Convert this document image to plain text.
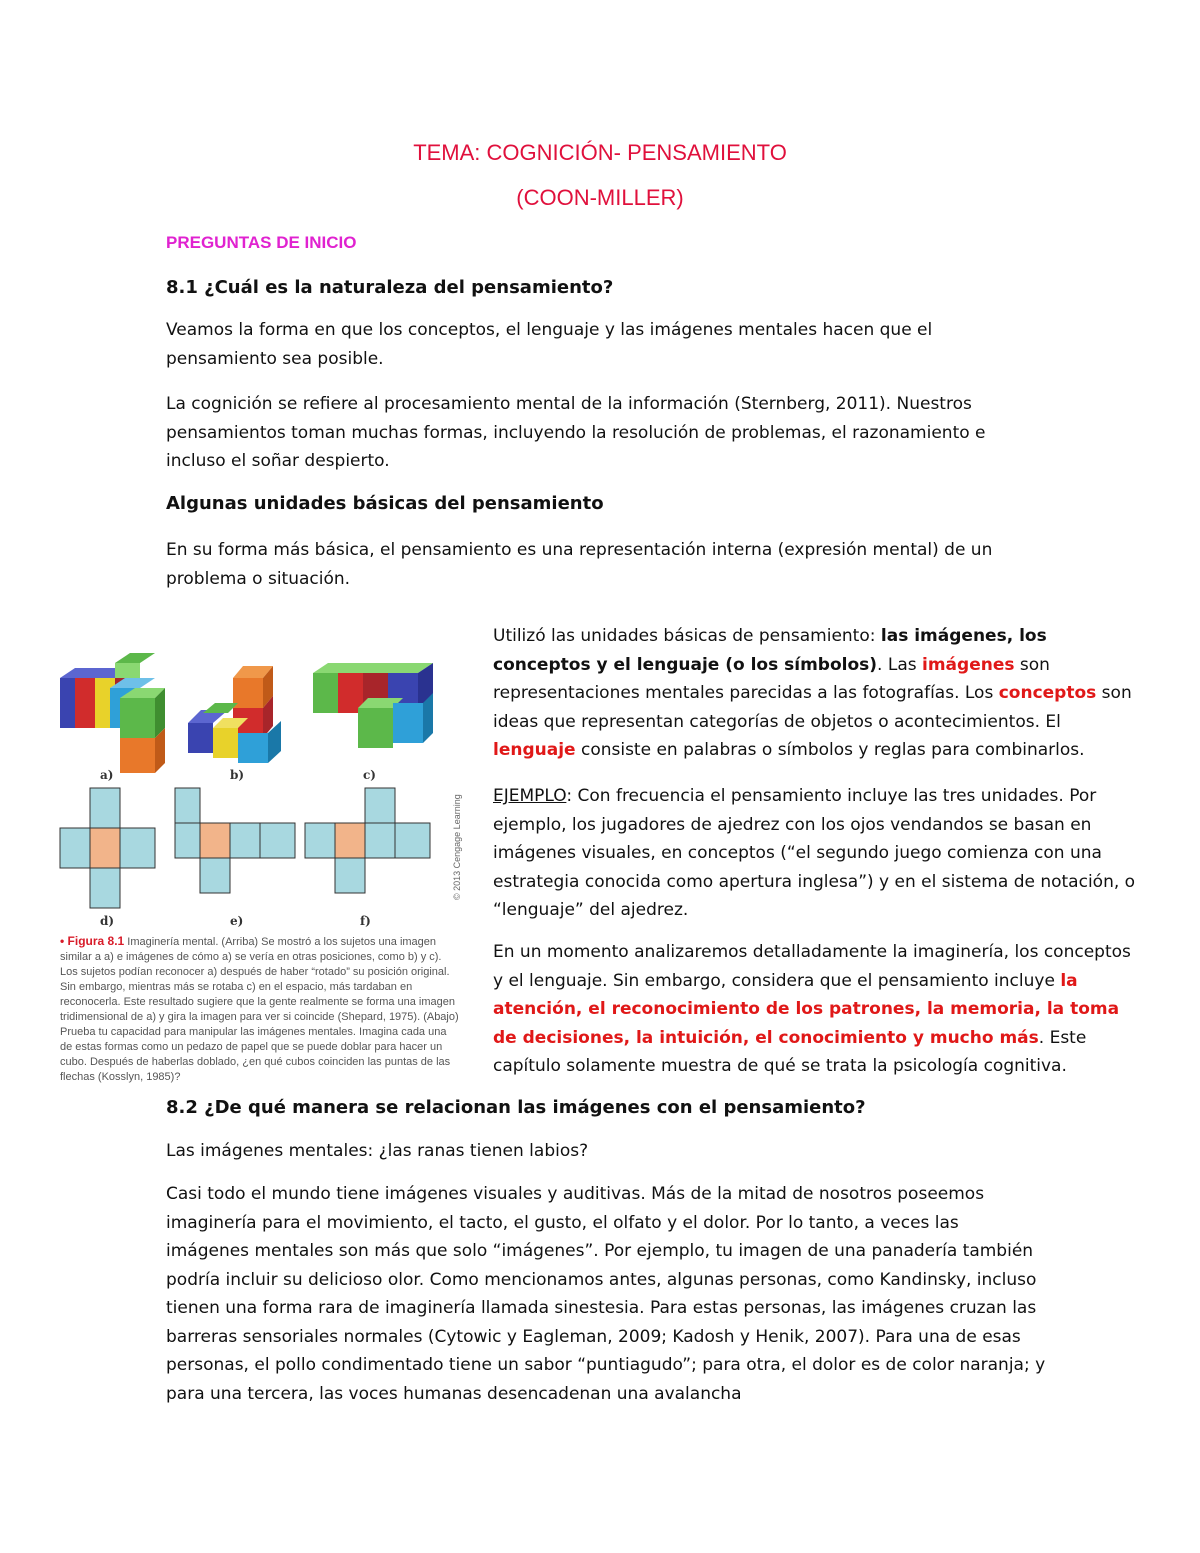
TEMA: COGNICIÓN- PENSAMIENTO
(COON-MILLER)
PREGUNTAS DE INICIO
8.1 ¿Cuál es la naturaleza del pensamiento?

Veamos la forma en que los conceptos, el lenguaje y las imágenes mentales hacen que el pensamiento sea posible.

La cognición se refiere al procesamiento mental de la información (Sternberg, 2011). Nuestros pensamientos toman muchas formas, incluyendo la resolución de problemas, el razonamiento e incluso el soñar despierto.

Algunas unidades básicas del pensamiento

En su forma más básica, el pensamiento es una representación interna (expresión mental) de un problema o situación.

Utilizó las unidades básicas de pensamiento: las imágenes, los conceptos y el lenguaje (o los símbolos). Las imágenes son representaciones mentales parecidas a las fotografías. Los conceptos son ideas que representan categorías de objetos o acontecimientos. El lenguaje consiste en palabras o símbolos y reglas para combinarlos.

EJEMPLO: Con frecuencia el pensamiento incluye las tres unidades. Por ejemplo, los jugadores de ajedrez con los ojos vendandos se basan en imágenes visuales, en conceptos (“el segundo juego comienza con una estrategia conocida como apertura inglesa”) y en el sistema de notación, o “lenguaje” del ajedrez.

En un momento analizaremos detalladamente la imaginería, los conceptos y el lenguaje. Sin embargo, considera que el pensamiento incluye la atención, el reconocimiento de los patrones, la memoria, la toma de decisiones, la intuición, el conocimiento y mucho más. Este capítulo solamente muestra de qué se trata la psicología cognitiva.

a)	b)	c)
d)	e)	f)
© 2013 Cengage Learning
• Figura 8.1 Imaginería mental. (Arriba) Se mostró a los sujetos una imagen similar a a) e imágenes de cómo a) se vería en otras posiciones, como b) y c). Los sujetos podían reconocer a) después de haber “rotado” su posición original. Sin embargo, mientras más se rotaba c) en el espacio, más tardaban en reconocerla. Este resultado sugiere que la gente realmente se forma una imagen tridimensional de a) y gira la imagen para ver si coincide (Shepard, 1975). (Abajo) Prueba tu capacidad para manipular las imágenes mentales. Imagina cada una de estas formas como un pedazo de papel que se puede doblar para hacer un cubo. Después de haberlas doblado, ¿en qué cubos coinciden las puntas de las flechas (Kosslyn, 1985)?
8.2 ¿De qué manera se relacionan las imágenes con el pensamiento?

Las imágenes mentales: ¿las ranas tienen labios?

Casi todo el mundo tiene imágenes visuales y auditivas. Más de la mitad de nosotros poseemos imaginería para el movimiento, el tacto, el gusto, el olfato y el dolor. Por lo tanto, a veces las imágenes mentales son más que solo “imágenes”. Por ejemplo, tu imagen de una panadería también podría incluir su delicioso olor. Como mencionamos antes, algunas personas, como Kandinsky, incluso tienen una forma rara de imaginería llamada sinestesia. Para estas personas, las imágenes cruzan las barreras sensoriales normales (Cytowic y Eagleman, 2009; Kadosh y Henik, 2007). Para una de esas personas, el pollo condimentado tiene un sabor “puntiagudo”; para otra, el dolor es de color naranja; y para una tercera, las voces humanas desencadenan una avalancha
